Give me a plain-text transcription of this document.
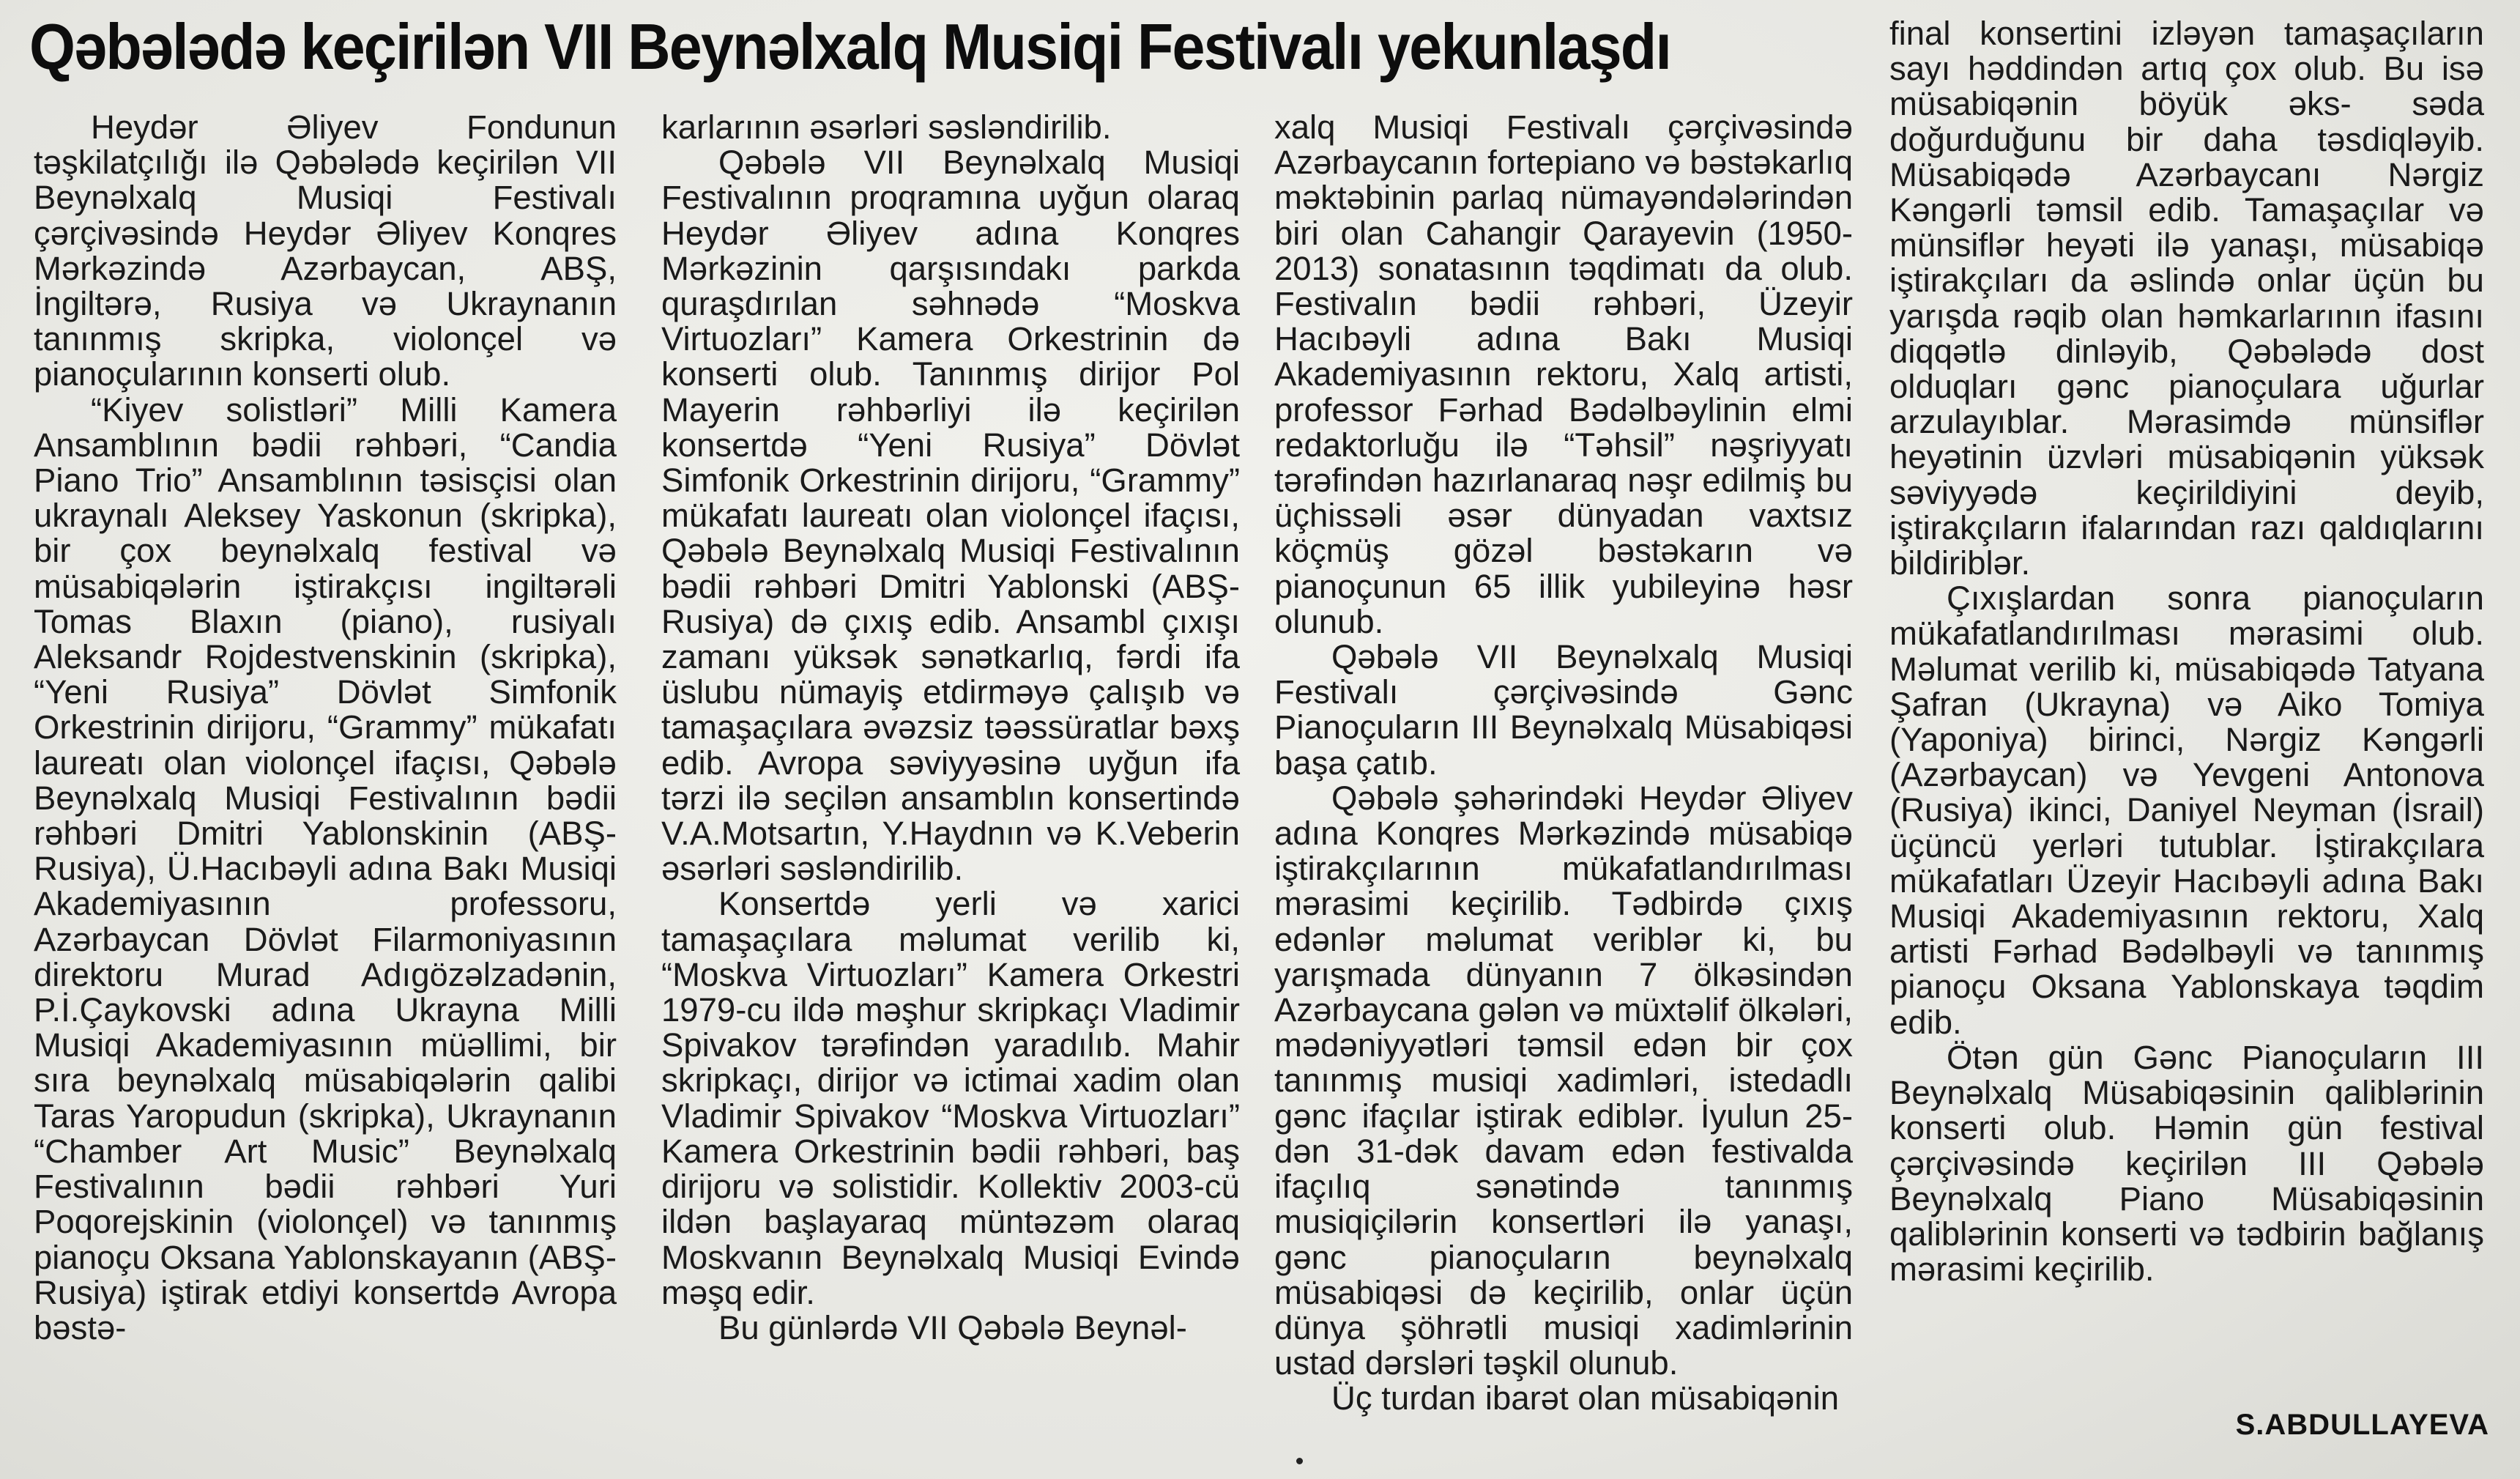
Qəbələdə keçirilən VII Beynəlxalq Musiqi Festivalı yekunlaşdı

Heydər Əliyev Fondunun təşkilatçılığı ilə Qəbələdə keçirilən VII Beynəlxalq Musiqi Festivalı çərçivəsində Heydər Əliyev Konqres Mərkəzində Azərbaycan, ABŞ, İngiltərə, Rusiya və Ukraynanın tanınmış skripka, violonçel və pianoçularının konserti olub.

“Kiyev solistləri” Milli Kamera Ansamblının bədii rəhbəri, “Candia Piano Trio” Ansamblının təsisçisi olan ukraynalı Aleksey Yaskonun (skripka), bir çox beynəlxalq festival və müsabiqələrin iştirakçısı ingiltərəli Tomas Blaxın (piano), rusiyalı Aleksandr Rojdestvenskinin (skripka), “Yeni Rusiya” Dövlət Simfonik Orkestrinin dirijoru, “Grammy” mükafatı laureatı olan violonçel ifaçısı, Qəbələ Beynəlxalq Musiqi Festivalının bədii rəhbəri Dmitri Yablonskinin (ABŞ-Rusiya), Ü.Hacıbəyli adına Bakı Musiqi Akademiyasının professoru, Azərbaycan Dövlət Filarmoniyasının direktoru Murad Adıgözəlzadənin, P.İ.Çaykovski adına Ukrayna Milli Musiqi Akademiyasının müəllimi, bir sıra beynəlxalq müsabiqələrin qalibi Taras Yaropudun (skripka), Ukraynanın “Chamber Art Music” Beynəlxalq Festivalının bədii rəhbəri Yuri Poqorejskinin (violonçel) və tanınmış pianoçu Oksana Yablonskayanın (ABŞ-Rusiya) iştirak etdiyi konsertdə Avropa bəstə-

karlarının əsərləri səsləndirilib.

Qəbələ VII Beynəlxalq Musiqi Festivalının proqramına uyğun olaraq Heydər Əliyev adına Konqres Mərkəzinin qarşısındakı parkda quraşdırılan səhnədə “Moskva Virtuozları” Kamera Orkestrinin də konserti olub. Tanınmış dirijor Pol Mayerin rəhbərliyi ilə keçirilən konsertdə “Yeni Rusiya” Dövlət Simfonik Orkestrinin dirijoru, “Grammy” mükafatı laureatı olan violonçel ifaçısı, Qəbələ Beynəlxalq Musiqi Festivalının bədii rəhbəri Dmitri Yablonski (ABŞ-Rusiya) də çıxış edib. Ansambl çıxışı zamanı yüksək sənətkarlıq, fərdi ifa üslubu nümayiş etdirməyə çalışıb və tamaşaçılara əvəzsiz təəssüratlar bəxş edib. Avropa səviyyəsinə uyğun ifa tərzi ilə seçilən ansamblın konsertində V.A.Motsartın, Y.Haydnın və K.Veberin əsərləri səsləndirilib.

Konsertdə yerli və xarici tamaşaçılara məlumat verilib ki, “Moskva Virtuozları” Kamera Orkestri 1979-cu ildə məşhur skripkaçı Vladimir Spivakov tərəfindən yaradılıb. Mahir skripkaçı, dirijor və ictimai xadim olan Vladimir Spivakov “Moskva Virtuozları” Kamera Orkestrinin bədii rəhbəri, baş dirijoru və solistidir. Kollektiv 2003-cü ildən başlayaraq müntəzəm olaraq Moskvanın Beynəlxalq Musiqi Evində məşq edir.

Bu günlərdə VII Qəbələ Beynəl-

xalq Musiqi Festivalı çərçivəsində Azərbaycanın fortepiano və bəstəkarlıq məktəbinin parlaq nümayəndələrindən biri olan Cahangir Qarayevin (1950-2013) sonatasının təqdimatı da olub. Festivalın bədii rəhbəri, Üzeyir Hacıbəyli adına Bakı Musiqi Akademiyasının rektoru, Xalq artisti, professor Fərhad Bədəlbəylinin elmi redaktorluğu ilə “Təhsil” nəşriyyatı tərəfindən hazırlanaraq nəşr edilmiş bu üçhissəli əsər dünyadan vaxtsız köçmüş gözəl bəstəkarın və pianoçunun 65 illik yubileyinə həsr olunub.

Qəbələ VII Beynəlxalq Musiqi Festivalı çərçivəsində Gənc Pianoçuların III Beynəlxalq Müsabiqəsi başa çatıb.

Qəbələ şəhərindəki Heydər Əliyev adına Konqres Mərkəzində müsabiqə iştirakçılarının mükafatlandırılması mərasimi keçirilib. Tədbirdə çıxış edənlər məlumat veriblər ki, bu yarışmada dünyanın 7 ölkəsindən Azərbaycana gələn və müxtəlif ölkələri, mədəniyyətləri təmsil edən bir çox tanınmış musiqi xadimləri, istedadlı gənc ifaçılar iştirak ediblər. İyulun 25-dən 31-dək davam edən festivalda ifaçılıq sənətində tanınmış musiqiçilərin konsertləri ilə yanaşı, gənc pianoçuların beynəlxalq müsabiqəsi də keçirilib, onlar üçün dünya şöhrətli musiqi xadimlərinin ustad dərsləri təşkil olunub.

Üç turdan ibarət olan müsabiqənin

final konsertini izləyən tamaşaçıların sayı həddindən artıq çox olub. Bu isə müsabiqənin böyük əks- səda doğurduğunu bir daha təsdiqləyib. Müsabiqədə Azərbaycanı Nərgiz Kəngərli təmsil edib. Tamaşaçılar və münsiflər heyəti ilə yanaşı, müsabiqə iştirakçıları da əslində onlar üçün bu yarışda rəqib olan həmkarlarının ifasını diqqətlə dinləyib, Qəbələdə dost olduqları gənc pianoçulara uğurlar arzulayıblar. Mərasimdə münsiflər heyətinin üzvləri müsabiqənin yüksək səviyyədə keçirildiyini deyib, iştirakçıların ifalarından razı qaldıqlarını bildiriblər.

Çıxışlardan sonra pianoçuların mükafatlandırılması mərasimi olub. Məlumat verilib ki, müsabiqədə Tatyana Şafran (Ukrayna) və Aiko Tomiya (Yaponiya) birinci, Nərgiz Kəngərli (Azərbaycan) və Yevgeni Antonova (Rusiya) ikinci, Daniyel Neyman (İsrail) üçüncü yerləri tutublar. İştirakçılara mükafatları Üzeyir Hacıbəyli adına Bakı Musiqi Akademiyasının rektoru, Xalq artisti Fərhad Bədəlbəyli və tanınmış pianoçu Oksana Yablonskaya təqdim edib.

Ötən gün Gənc Pianoçuların III Beynəlxalq Müsabiqəsinin qaliblərinin konserti olub. Həmin gün festival çərçivəsində keçirilən III Qəbələ Beynəlxalq Piano Müsabiqəsinin qaliblərinin konserti və tədbirin bağlanış mərasimi keçirilib.

S.ABDULLAYEVA
